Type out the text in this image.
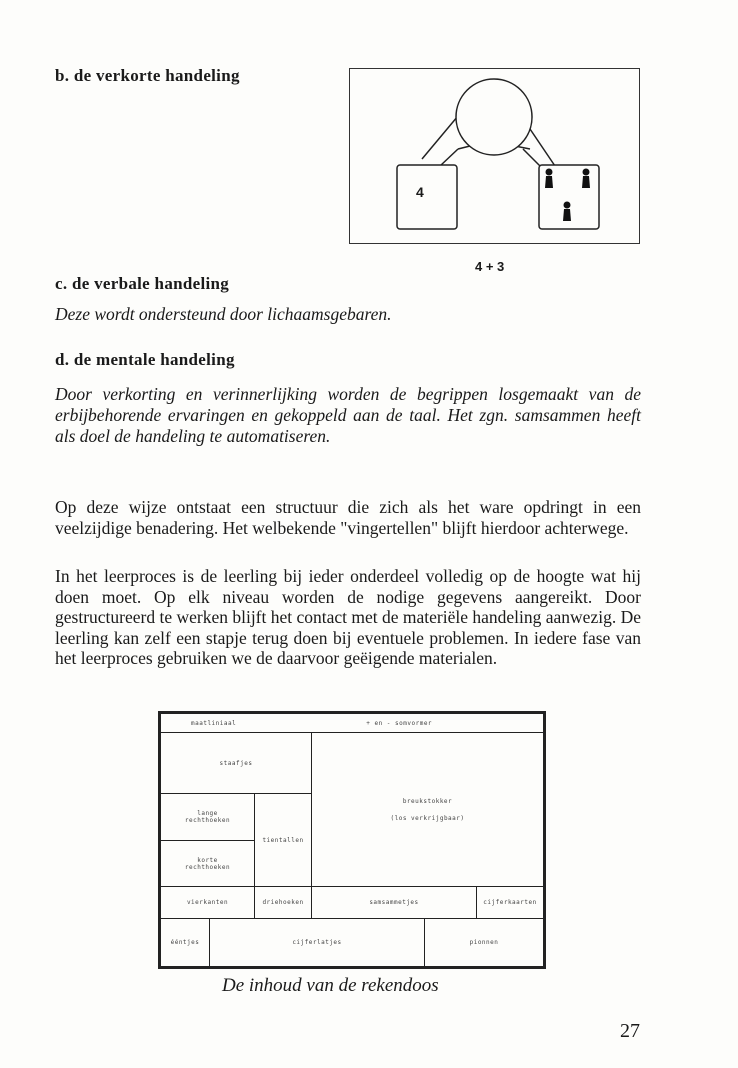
b. de verkorte handeling
4
4 + 3
c. de verbale handeling
Deze wordt ondersteund door lichaamsgebaren.
d. de mentale handeling
Door verkorting en verinnerlijking worden de begrippen losgemaakt van de erbijbehorende ervaringen en gekoppeld aan de taal. Het zgn. samsammen heeft als doel de handeling te automatiseren.
Op deze wijze ontstaat een structuur die zich als het ware opdringt in een veelzijdige benadering. Het welbekende "vingertellen" blijft hierdoor achterwege.
In het leerproces is de leerling bij ieder onderdeel volledig op de hoogte wat hij doen moet. Op elk niveau worden de nodige gegevens aangereikt. Door gestructureerd te werken blijft het contact met de materiële handeling aanwezig. De leerling kan zelf een stapje terug doen bij eventuele problemen. In iedere fase van het leerproces gebruiken we de daarvoor geëigende materialen.
maatliniaal	+ en - somvormer
staafjes
breukstokker
(los verkrijgbaar)
lange rechthoeken
tientallen
korte rechthoeken
vierkanten	driehoeken	samsammetjes	cijferkaarten
ééntjes	cijferlatjes	pionnen
De inhoud van de rekendoos
27
